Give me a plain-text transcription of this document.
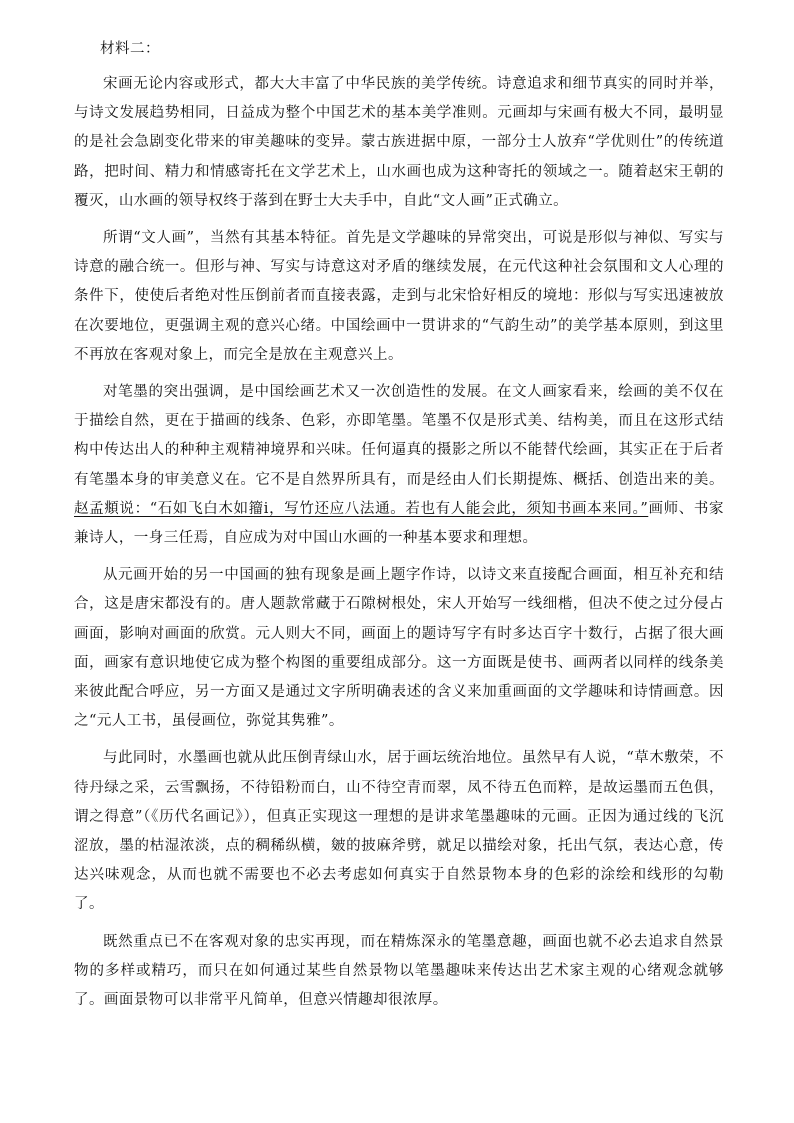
材料二：

宋画无论内容或形式，都大大丰富了中华民族的美学传统。诗意追求和细节真实的同时并举，与诗文发展趋势相同，日益成为整个中国艺术的基本美学准则。元画却与宋画有极大不同，最明显的是社会急剧变化带来的审美趣味的变异。蒙古族进据中原，一部分士人放弃“学优则仕”的传统道路，把时间、精力和情感寄托在文学艺术上，山水画也成为这种寄托的领域之一。随着赵宋王朝的覆灭，山水画的领导权终于落到在野士大夫手中，自此“文人画”正式确立。

所谓“文人画”，当然有其基本特征。首先是文学趣味的异常突出，可说是形似与神似、写实与诗意的融合统一。但形与神、写实与诗意这对矛盾的继续发展，在元代这种社会氛围和文人心理的条件下，使使后者绝对性压倒前者而直接表露，走到与北宋恰好相反的境地：形似与写实迅速被放在次要地位，更强调主观的意兴心绪。中国绘画中一贯讲求的“气韵生动”的美学基本原则，到这里不再放在客观对象上，而完全是放在主观意兴上。

对笔墨的突出强调，是中国绘画艺术又一次创造性的发展。在文人画家看来，绘画的美不仅在于描绘自然，更在于描画的线条、色彩，亦即笔墨。笔墨不仅是形式美、结构美，而且在这形式结构中传达出人的种种主观精神境界和兴味。任何逼真的摄影之所以不能替代绘画，其实正在于后者有笔墨本身的审美意义在。它不是自然界所具有，而是经由人们长期提炼、概括、创造出来的美。赵孟頫说：“石如飞白木如籀ⅰ，写竹还应八法通。若也有人能会此，须知书画本来同。”画师、书家兼诗人，一身三任焉，自应成为对中国山水画的一种基本要求和理想。

从元画开始的另一中国画的独有现象是画上题字作诗，以诗文来直接配合画面，相互补充和结合，这是唐宋都没有的。唐人题款常藏于石隙树根处，宋人开始写一线细楷，但决不使之过分侵占画面，影响对画面的欣赏。元人则大不同，画面上的题诗写字有时多达百字十数行，占据了很大画面，画家有意识地使它成为整个构图的重要组成部分。这一方面既是使书、画两者以同样的线条美来彼此配合呼应，另一方面又是通过文字所明确表述的含义来加重画面的文学趣味和诗情画意。因之“元人工书，虽侵画位，弥觉其隽雅”。

与此同时，水墨画也就从此压倒青绿山水，居于画坛统治地位。虽然早有人说，“草木敷荣，不待丹绿之采，云雪飘扬，不待铅粉而白，山不待空青而翠，凤不待五色而粹，是故运墨而五色俱，谓之得意”（《历代名画记》），但真正实现这一理想的是讲求笔墨趣味的元画。正因为通过线的飞沉涩放，墨的枯湿浓淡，点的稠稀纵横，皴的披麻斧劈，就足以描绘对象，托出气氛，表达心意，传达兴味观念，从而也就不需要也不必去考虑如何真实于自然景物本身的色彩的涂绘和线形的勾勒了。

既然重点已不在客观对象的忠实再现，而在精炼深永的笔墨意趣，画面也就不必去追求自然景物的多样或精巧，而只在如何通过某些自然景物以笔墨趣味来传达出艺术家主观的心绪观念就够了。画面景物可以非常平凡简单，但意兴情趣却很浓厚。
